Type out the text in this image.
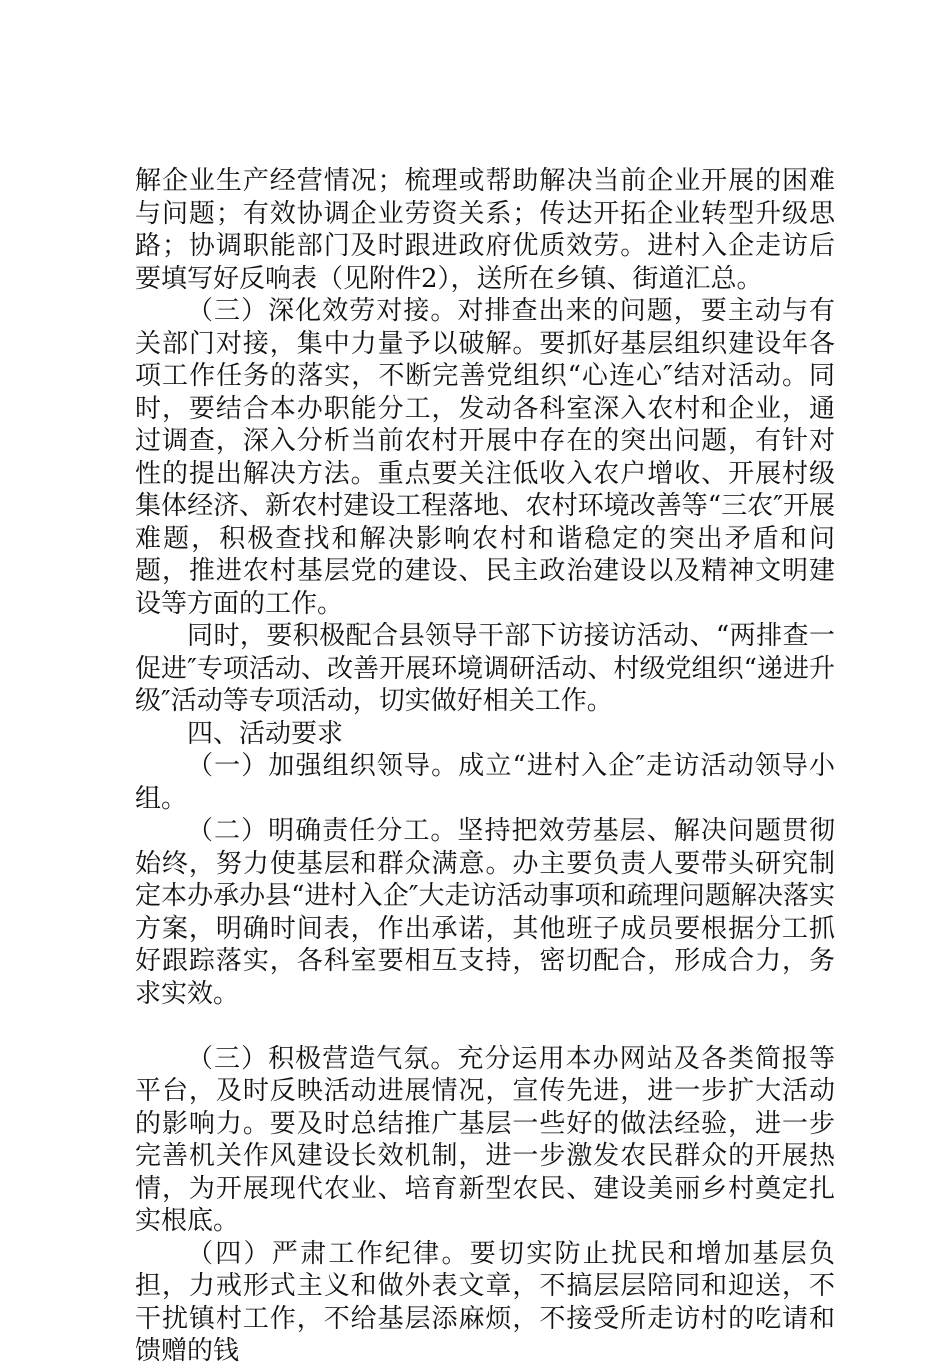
解企业生产经营情况；梳理或帮助解决当前企业开展的困难与问题；有效协调企业劳资关系；传达开拓企业转型升级思路；协调职能部门及时跟进政府优质效劳。进村入企走访后要填写好反响表（见附件2），送所在乡镇、街道汇总。

（三）深化效劳对接。对排查出来的问题，要主动与有关部门对接，集中力量予以破解。要抓好基层组织建设年各项工作任务的落实，不断完善党组织“心连心″结对活动。同时，要结合本办职能分工，发动各科室深入农村和企业，通过调查，深入分析当前农村开展中存在的突出问题，有针对性的提出解决方法。重点要关注低收入农户增收、开展村级集体经济、新农村建设工程落地、农村环境改善等“三农″开展难题，积极查找和解决影响农村和谐稳定的突出矛盾和问题，推进农村基层党的建设、民主政治建设以及精神文明建设等方面的工作。

同时，要积极配合县领导干部下访接访活动、“两排查一促进″专项活动、改善开展环境调研活动、村级党组织“递进升级″活动等专项活动，切实做好相关工作。

四、活动要求

（一）加强组织领导。成立“进村入企″走访活动领导小组。

（二）明确责任分工。坚持把效劳基层、解决问题贯彻始终，努力使基层和群众满意。办主要负责人要带头研究制定本办承办县“进村入企″大走访活动事项和疏理问题解决落实方案，明确时间表，作出承诺，其他班子成员要根据分工抓好跟踪落实，各科室要相互支持，密切配合，形成合力，务求实效。

（三）积极营造气氛。充分运用本办网站及各类简报等平台，及时反映活动进展情况，宣传先进，进一步扩大活动的影响力。要及时总结推广基层一些好的做法经验，进一步完善机关作风建设长效机制，进一步激发农民群众的开展热情，为开展现代农业、培育新型农民、建设美丽乡村奠定扎实根底。

（四）严肃工作纪律。要切实防止扰民和增加基层负担，力戒形式主义和做外表文章，不搞层层陪同和迎送，不干扰镇村工作，不给基层添麻烦，不接受所走访村的吃请和馈赠的钱
